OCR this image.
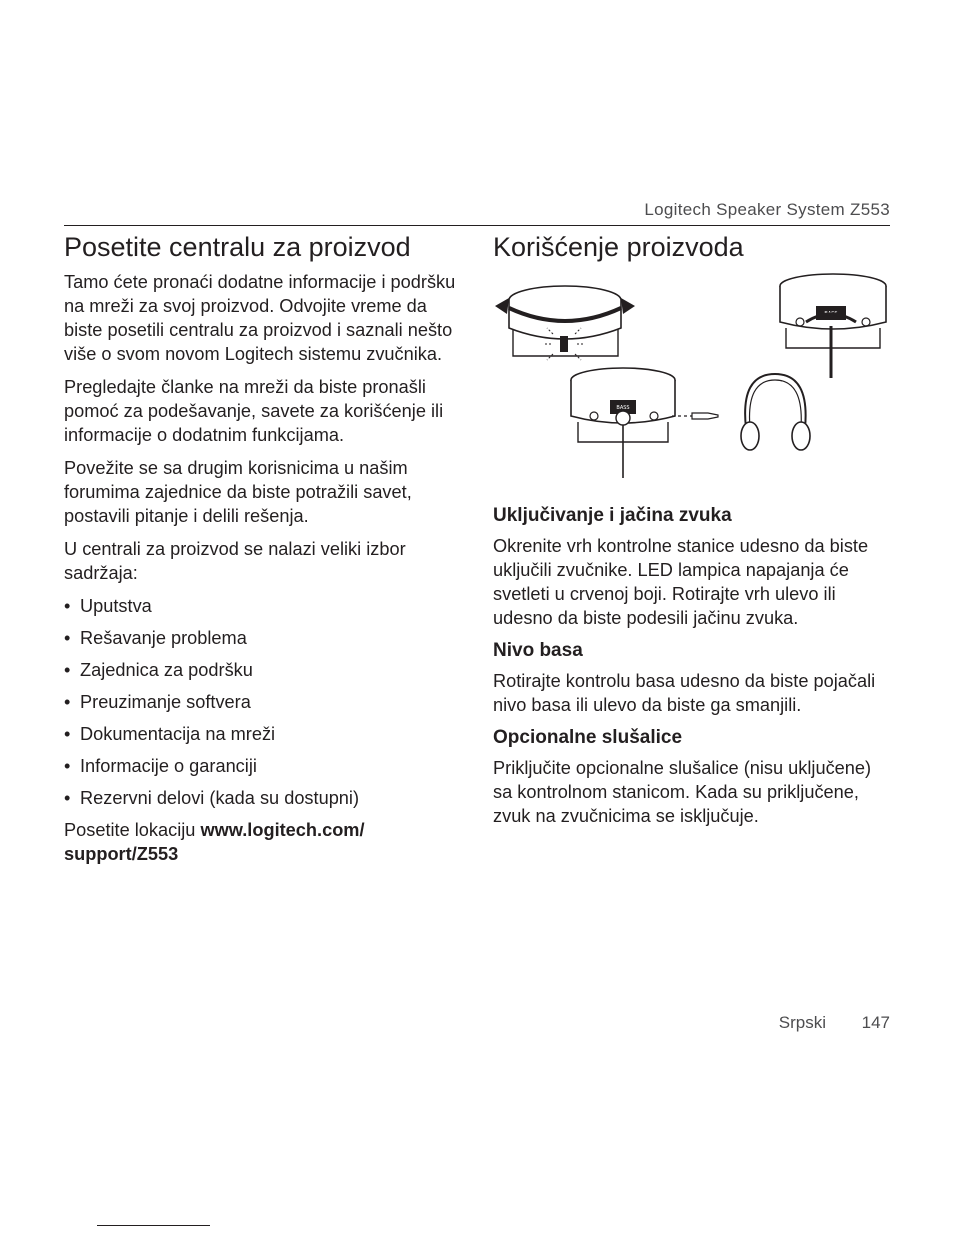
Logitech Speaker System Z553
Posetite centralu za proizvod

Tamo ćete pronaći dodatne informacije i podršku na mreži za svoj proizvod. Odvojite vreme da biste posetili centralu za proizvod i saznali nešto više o svom novom Logitech sistemu zvučnika.

Pregledajte članke na mreži da biste pronašli pomoć za podešavanje, savete za korišćenje ili informacije o dodatnim funkcijama.

Povežite se sa drugim korisnicima u našim forumima zajednice da biste potražili savet, postavili pitanje i delili rešenja.

U centrali za proizvod se nalazi veliki izbor sadržaja:

• Uputstva
• Rešavanje problema
• Zajednica za podršku
• Preuzimanje softvera
• Dokumentacija na mreži
• Informacije o garanciji
• Rezervni delovi (kada su dostupni)

Posetite lokaciju www.logitech.com/ support/Z553

Korišćenje proizvoda
BASS
BASS
Uključivanje i jačina zvuka

Okrenite vrh kontrolne stanice udesno da biste uključili zvučnike. LED lampica napajanja će svetleti u crvenoj boji. Rotirajte vrh ulevo ili udesno da biste podesili jačinu zvuka.

Nivo basa

Rotirajte kontrolu basa udesno da biste pojačali nivo basa ili ulevo da biste ga smanjili.

Opcionalne slušalice

Priključite opcionalne slušalice (nisu uključene) sa kontrolnom stanicom. Kada su priključene, zvuk na zvučnicima se isključuje.

Srpski 147
